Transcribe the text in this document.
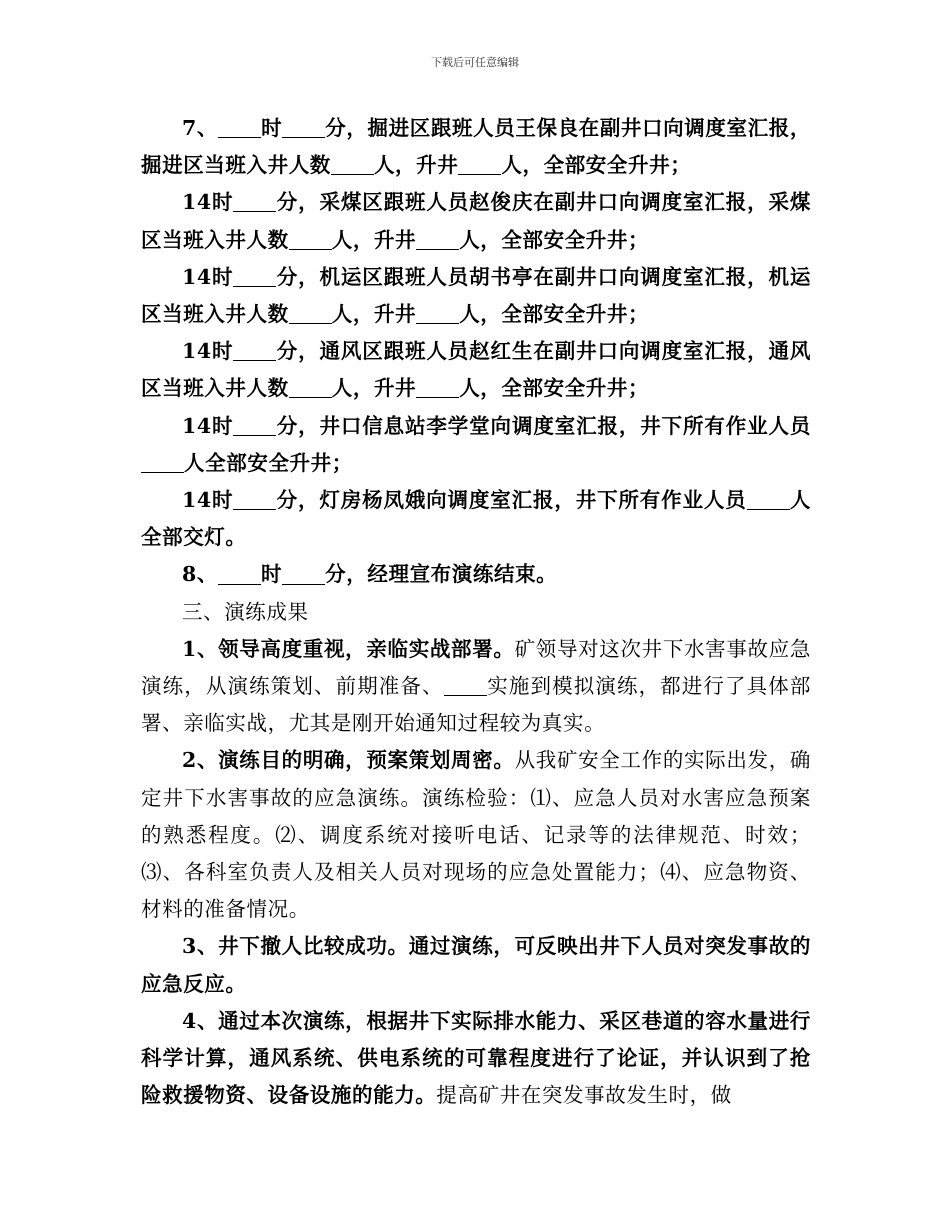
下载后可任意编辑

7、 时 分，掘进区跟班人员王保良在副井口向调度室汇报，掘进区当班入井人数 人，升井 人，全部安全升井；

14时 分，采煤区跟班人员赵俊庆在副井口向调度室汇报，采煤区当班入井人数 人，升井 人，全部安全升井；

14时 分，机运区跟班人员胡书亭在副井口向调度室汇报，机运区当班入井人数 人，升井 人，全部安全升井；

14时 分，通风区跟班人员赵红生在副井口向调度室汇报，通风区当班入井人数 人，升井 人，全部安全升井；

14时 分，井口信息站李学堂向调度室汇报，井下所有作业人员人全部安全升井；

14时 分，灯房杨凤娥向调度室汇报，井下所有作业人员 人全部交灯。

8、 时 分，经理宣布演练结束。

三、演练成果

1、领导高度重视，亲临实战部署。矿领导对这次井下水害事故应急演练，从演练策划、前期准备、 实施到模拟演练，都进行了具体部署、亲临实战，尤其是刚开始通知过程较为真实。

2、演练目的明确，预案策划周密。从我矿安全工作的实际出发，确定井下水害事故的应急演练。演练检验：⑴、应急人员对水害应急预案的熟悉程度。⑵、调度系统对接听电话、记录等的法律规范、时效；⑶、各科室负责人及相关人员对现场的应急处置能力；⑷、应急物资、材料的准备情况。

3、井下撤人比较成功。通过演练，可反映出井下人员对突发事故的应急反应。

4、通过本次演练，根据井下实际排水能力、采区巷道的容水量进行科学计算，通风系统、供电系统的可靠程度进行了论证，并认识到了抢险救援物资、设备设施的能力。提高矿井在突发事故发生时，做
